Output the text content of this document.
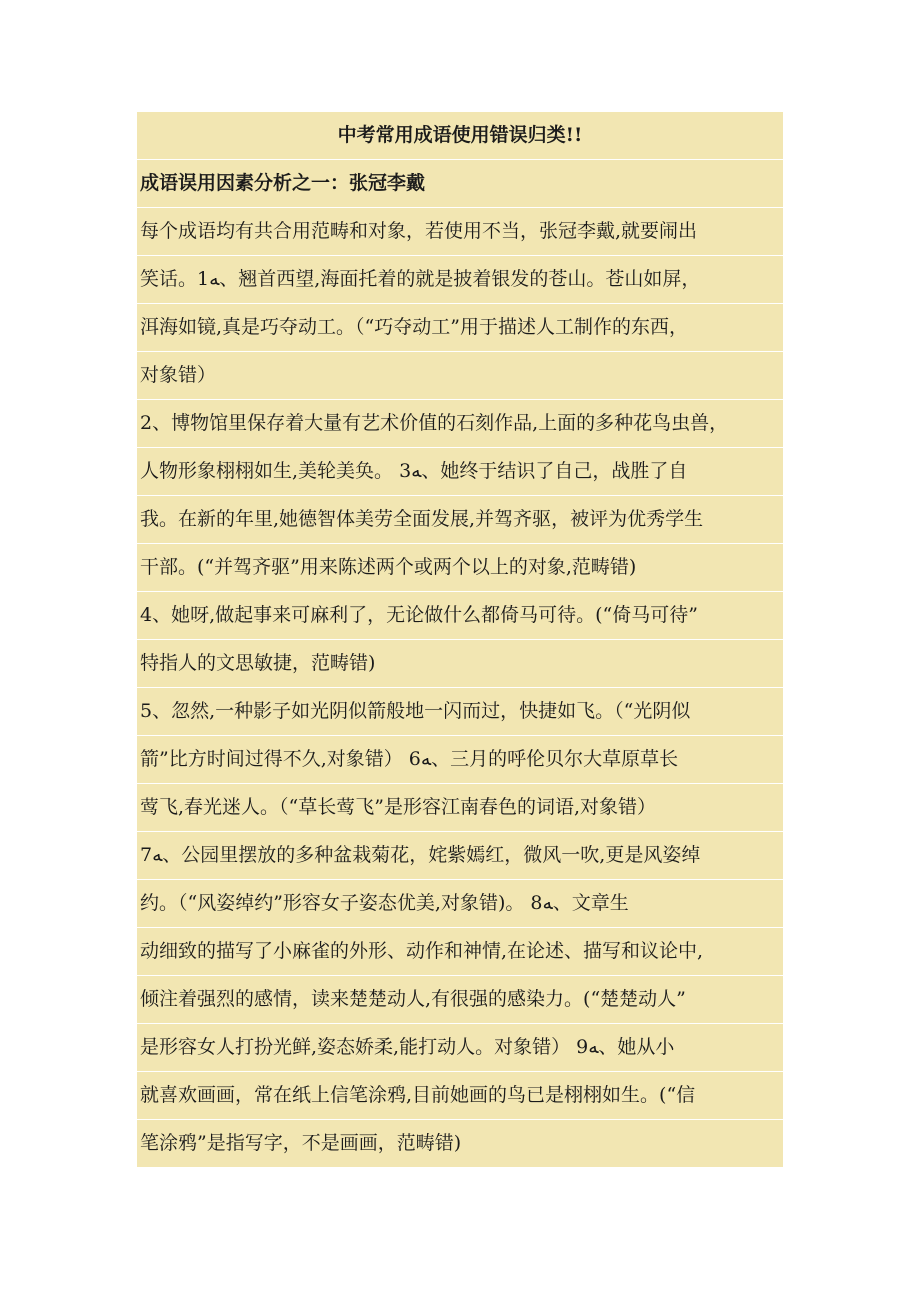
中考常用成语使用错误归类!!
成语误用因素分析之一：张冠李戴
每个成语均有共合用范畴和对象，若使用不当，张冠李戴,就要闹出
笑话。1ﻪ、翘首西望,海面托着的就是披着银发的苍山。苍山如屏，
洱海如镜,真是巧夺动工。（“巧夺动工”用于描述人工制作的东西，
对象错）
2、博物馆里保存着大量有艺术价值的石刻作品,上面的多种花鸟虫兽，
人物形象栩栩如生,美轮美奂。 3ﻪ、她终于结识了自己，战胜了自
我。在新的年里,她德智体美劳全面发展,并驾齐驱，被评为优秀学生
干部。(“并驾齐驱”用来陈述两个或两个以上的对象,范畴错)
4、她呀,做起事来可麻利了，无论做什么都倚马可待。(“倚马可待”
特指人的文思敏捷，范畴错)
5、忽然,一种影子如光阴似箭般地一闪而过，快捷如飞。（“光阴似
箭”比方时间过得不久,对象错） 6ﻪ、三月的呼伦贝尔大草原草长
莺飞,春光迷人。（“草长莺飞”是形容江南春色的词语,对象错）
7ﻪ、公园里摆放的多种盆栽菊花，姹紫嫣红，微风一吹,更是风姿绰
约。（“风姿绰约”形容女子姿态优美,对象错)。 8ﻪ、文章生
动细致的描写了小麻雀的外形、动作和神情,在论述、描写和议论中,
倾注着强烈的感情，读来楚楚动人,有很强的感染力。(“楚楚动人”
是形容女人打扮光鲜,姿态娇柔,能打动人。对象错） 9ﻪ、她从小
就喜欢画画，常在纸上信笔涂鸦,目前她画的鸟已是栩栩如生。(“信
笔涂鸦”是指写字，不是画画，范畴错)
